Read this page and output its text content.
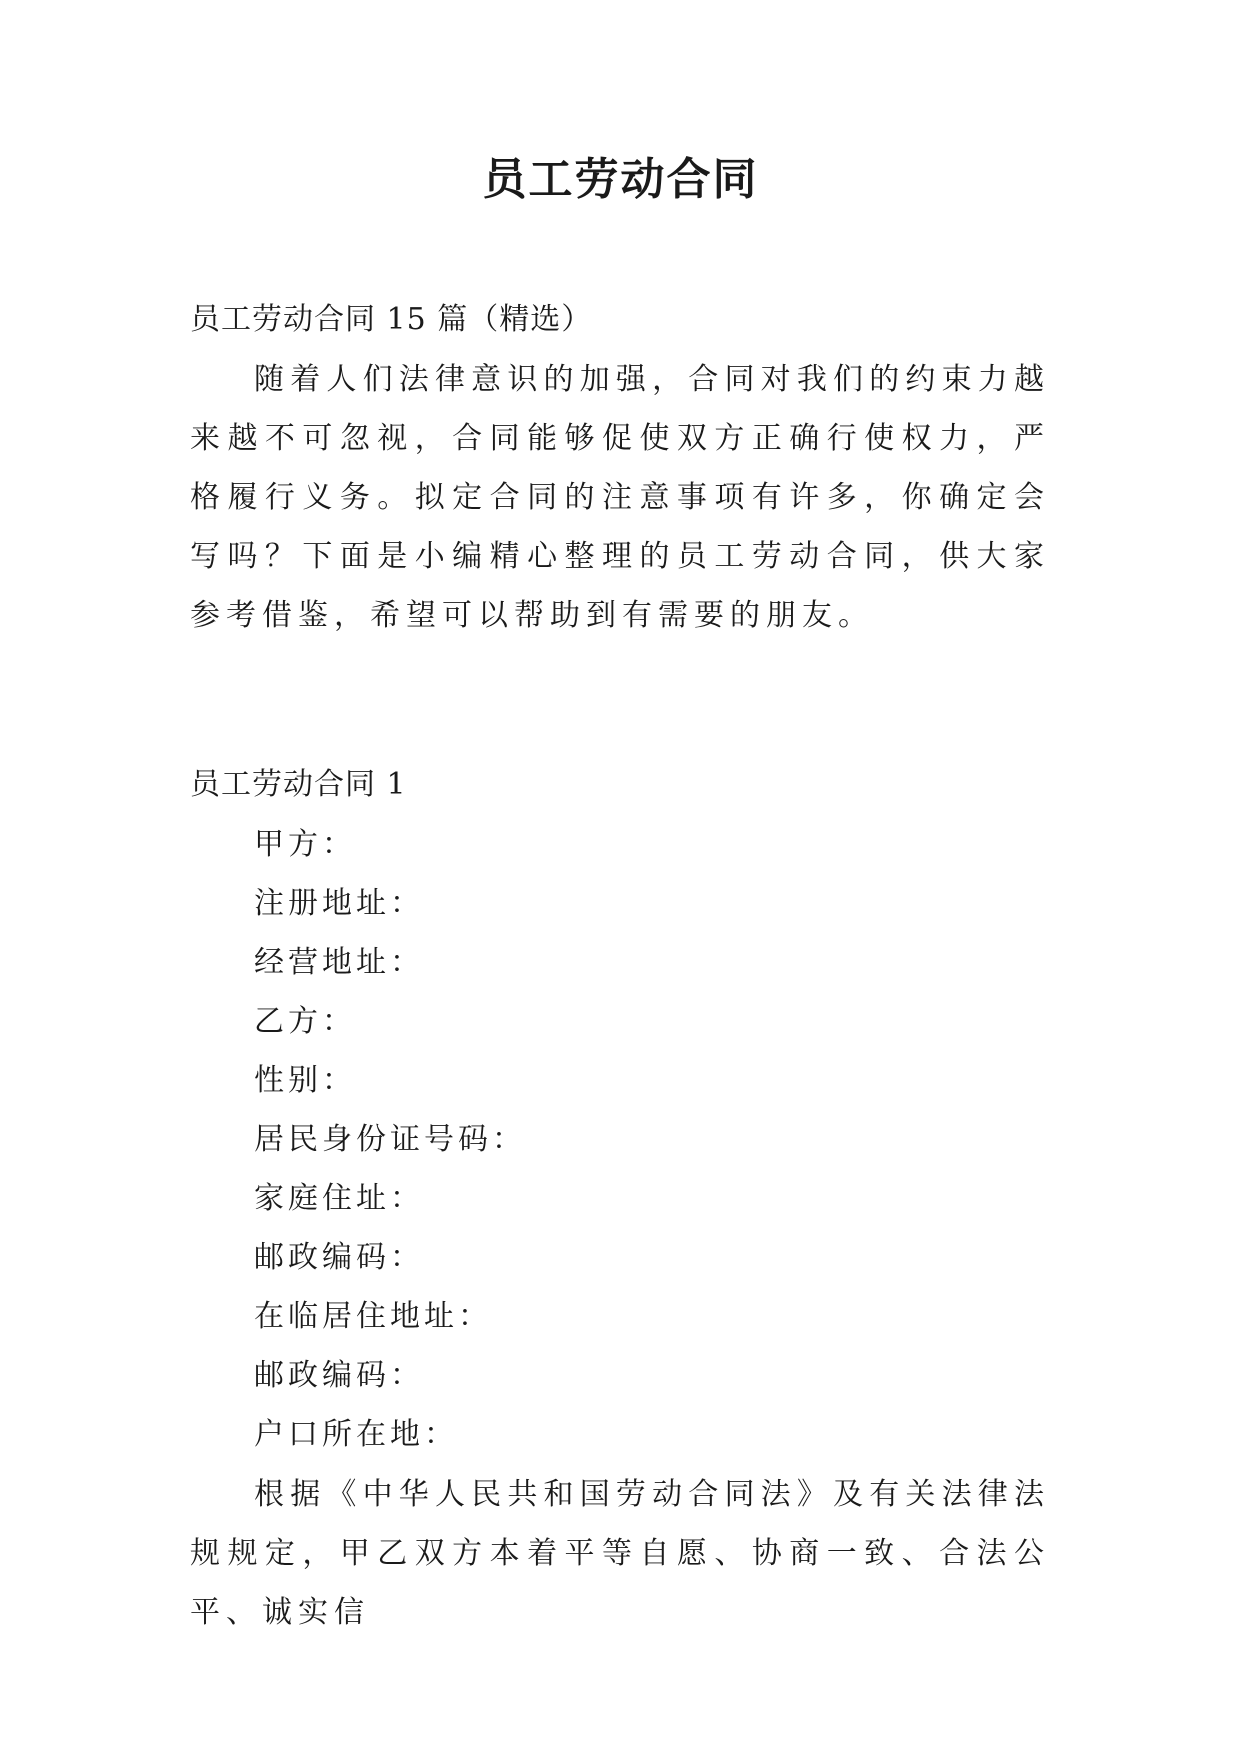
员工劳动合同

员工劳动合同 15 篇（精选）

随着人们法律意识的加强，合同对我们的约束力越来越不可忽视，合同能够促使双方正确行使权力，严格履行义务。拟定合同的注意事项有许多，你确定会写吗？下面是小编精心整理的员工劳动合同，供大家参考借鉴，希望可以帮助到有需要的朋友。

员工劳动合同 1

甲方：
注册地址：
经营地址：
乙方：
性别：
居民身份证号码：
家庭住址：
邮政编码：
在临居住地址：
邮政编码：
户口所在地：

根据《中华人民共和国劳动合同法》及有关法律法规规定，甲乙双方本着平等自愿、协商一致、合法公平、诚实信
